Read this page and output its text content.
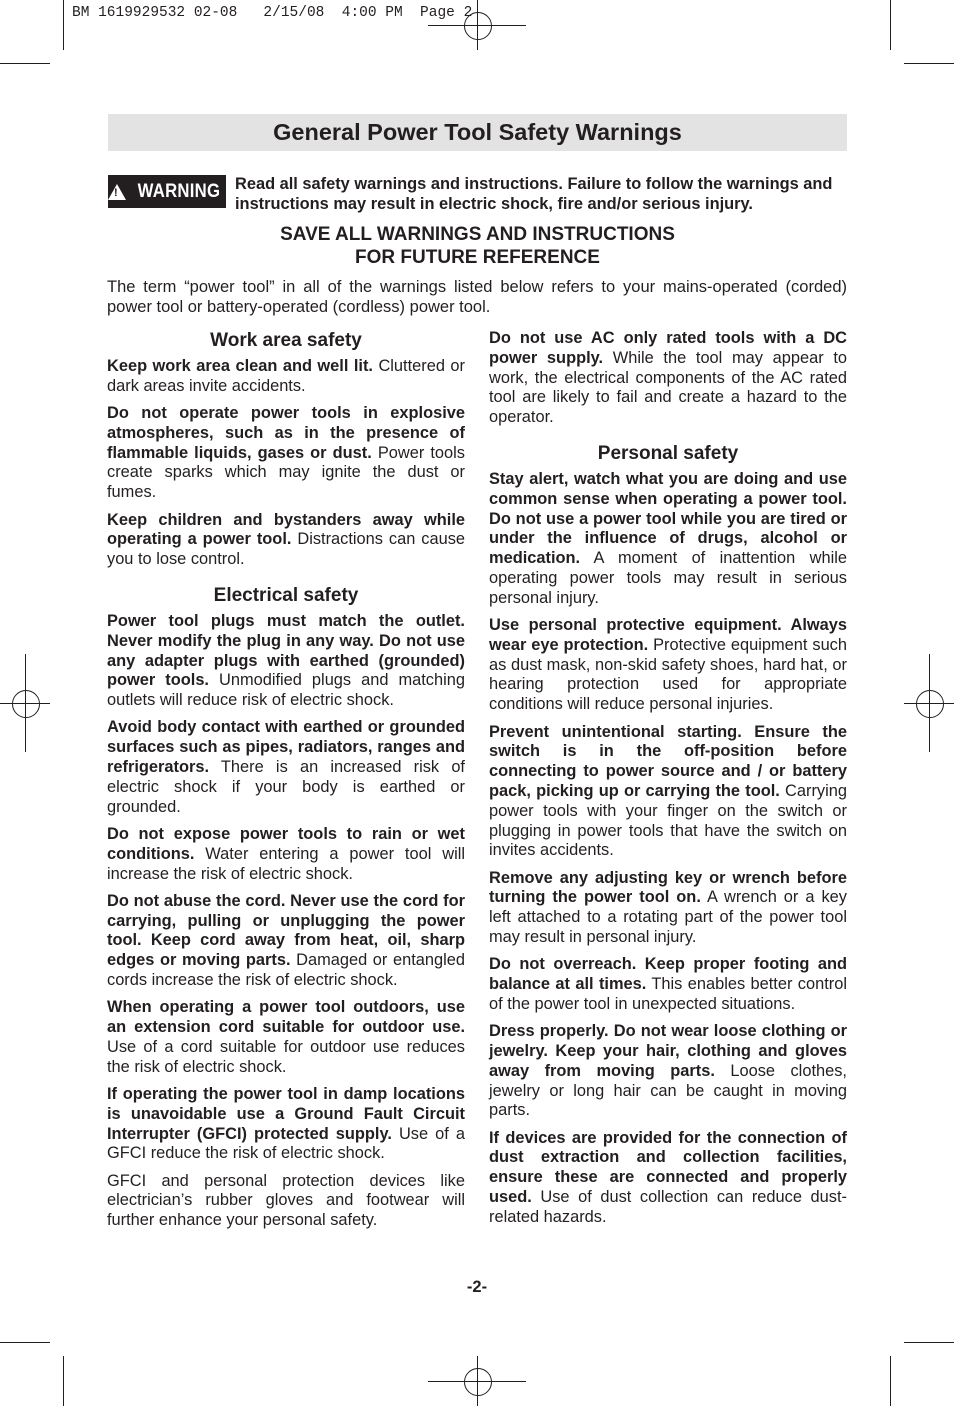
BM 1619929532 02-08   2/15/08  4:00 PM  Page 2
General Power Tool Safety Warnings
! WARNING Read all safety warnings and instructions. Failure to follow the warnings and instructions may result in electric shock, fire and/or serious injury.
SAVE ALL WARNINGS AND INSTRUCTIONS
FOR FUTURE REFERENCE
The term “power tool” in all of the warnings listed below refers to your mains-operated (corded) power tool or battery-operated (cordless) power tool.
Work area safety

Keep work area clean and well lit. Cluttered or dark areas invite accidents.

Do not operate power tools in explosive atmospheres, such as in the presence of flammable liquids, gases or dust. Power tools create sparks which may ignite the dust or fumes.

Keep children and bystanders away while operating a power tool. Distractions can cause you to lose control.

Electrical safety

Power tool plugs must match the outlet. Never modify the plug in any way. Do not use any adapter plugs with earthed (grounded) power tools. Unmodified plugs and matching outlets will reduce risk of electric shock.

Avoid body contact with earthed or grounded surfaces such as pipes, radiators, ranges and refrigerators. There is an increased risk of electric shock if your body is earthed or grounded.

Do not expose power tools to rain or wet conditions. Water entering a power tool will increase the risk of electric shock.

Do not abuse the cord. Never use the cord for carrying, pulling or unplugging the power tool. Keep cord away from heat, oil, sharp edges or moving parts. Damaged or entangled cords increase the risk of electric shock.

When operating a power tool outdoors, use an extension cord suitable for outdoor use. Use of a cord suitable for outdoor use reduces the risk of electric shock.

If operating the power tool in damp locations is unavoidable use a Ground Fault Circuit Interrupter (GFCI) protected supply. Use of a GFCI reduce the risk of electric shock.

GFCI and personal protection devices like electrician’s rubber gloves and footwear will further enhance your personal safety.

Do not use AC only rated tools with a DC power supply. While the tool may appear to work, the electrical components of the AC rated tool are likely to fail and create a hazard to the operator.

Personal safety

Stay alert, watch what you are doing and use common sense when operating a power tool. Do not use a power tool while you are tired or under the influence of drugs, alcohol or medication. A moment of inattention while operating power tools may result in serious personal injury.

Use personal protective equipment. Always wear eye protection. Protective equipment such as dust mask, non-skid safety shoes, hard hat, or hearing protection used for appropriate conditions will reduce personal injuries.

Prevent unintentional starting. Ensure the switch is in the off-position before connecting to power source and / or battery pack, picking up or carrying the tool. Carrying power tools with your finger on the switch or plugging in power tools that have the switch on invites accidents.

Remove any adjusting key or wrench before turning the power tool on. A wrench or a key left attached to a rotating part of the power tool may result in personal injury.

Do not overreach. Keep proper footing and balance at all times. This enables better control of the power tool in unexpected situations.

Dress properly. Do not wear loose clothing or jewelry. Keep your hair, clothing and gloves away from moving parts. Loose clothes, jewelry or long hair can be caught in moving parts.

If devices are provided for the connection of dust extraction and collection facilities, ensure these are connected and properly used. Use of dust collection can reduce dust-related hazards.

-2-
